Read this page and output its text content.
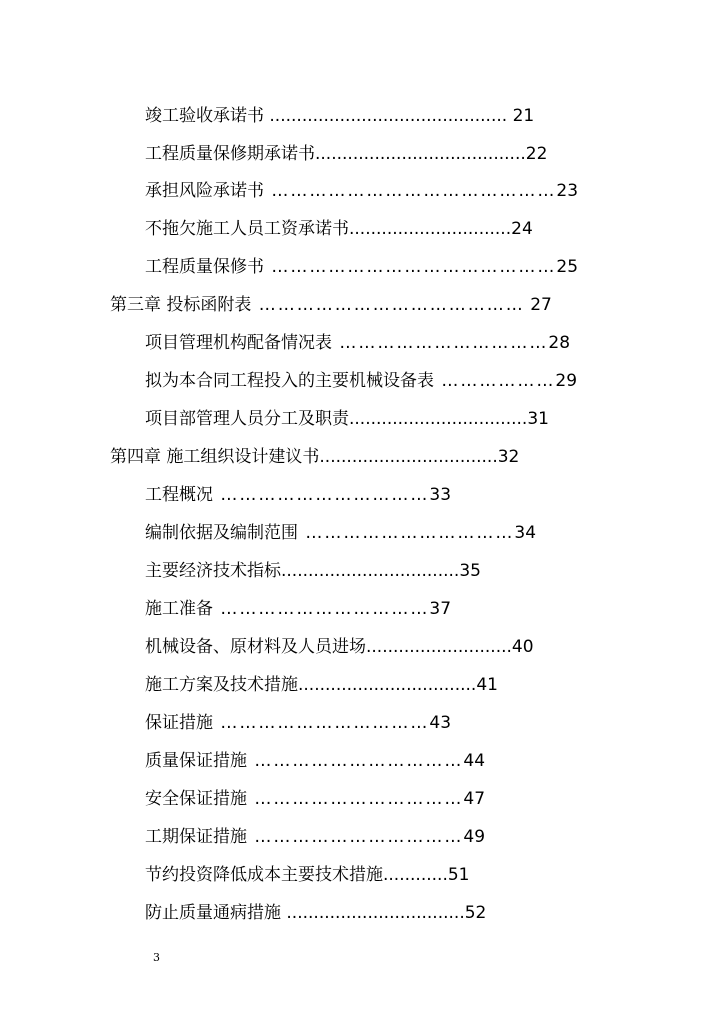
竣工验收承诺书 ............................................ 21
工程质量保修期承诺书.......................................22
承担风险承诺书 ………………………………………23
不拖欠施工人员工资承诺书..............................24
工程质量保修书 ………………………………………25
第三章 投标函附表 …………………………………… 27
项目管理机构配备情况表 ……………………………28
拟为本合同工程投入的主要机械设备表 ………………29
项目部管理人员分工及职责.................................31
第四章 施工组织设计建议书.................................32
工程概况 ……………………………33
编制依据及编制范围 ……………………………34
主要经济技术指标.................................35
施工准备 ……………………………37
机械设备、原材料及人员进场...........................40
施工方案及技术措施.................................41
保证措施 ……………………………43
质量保证措施 ……………………………44
安全保证措施 ……………………………47
工期保证措施 ……………………………49
节约投资降低成本主要技术措施............51
防止质量通病措施 .................................52
3
